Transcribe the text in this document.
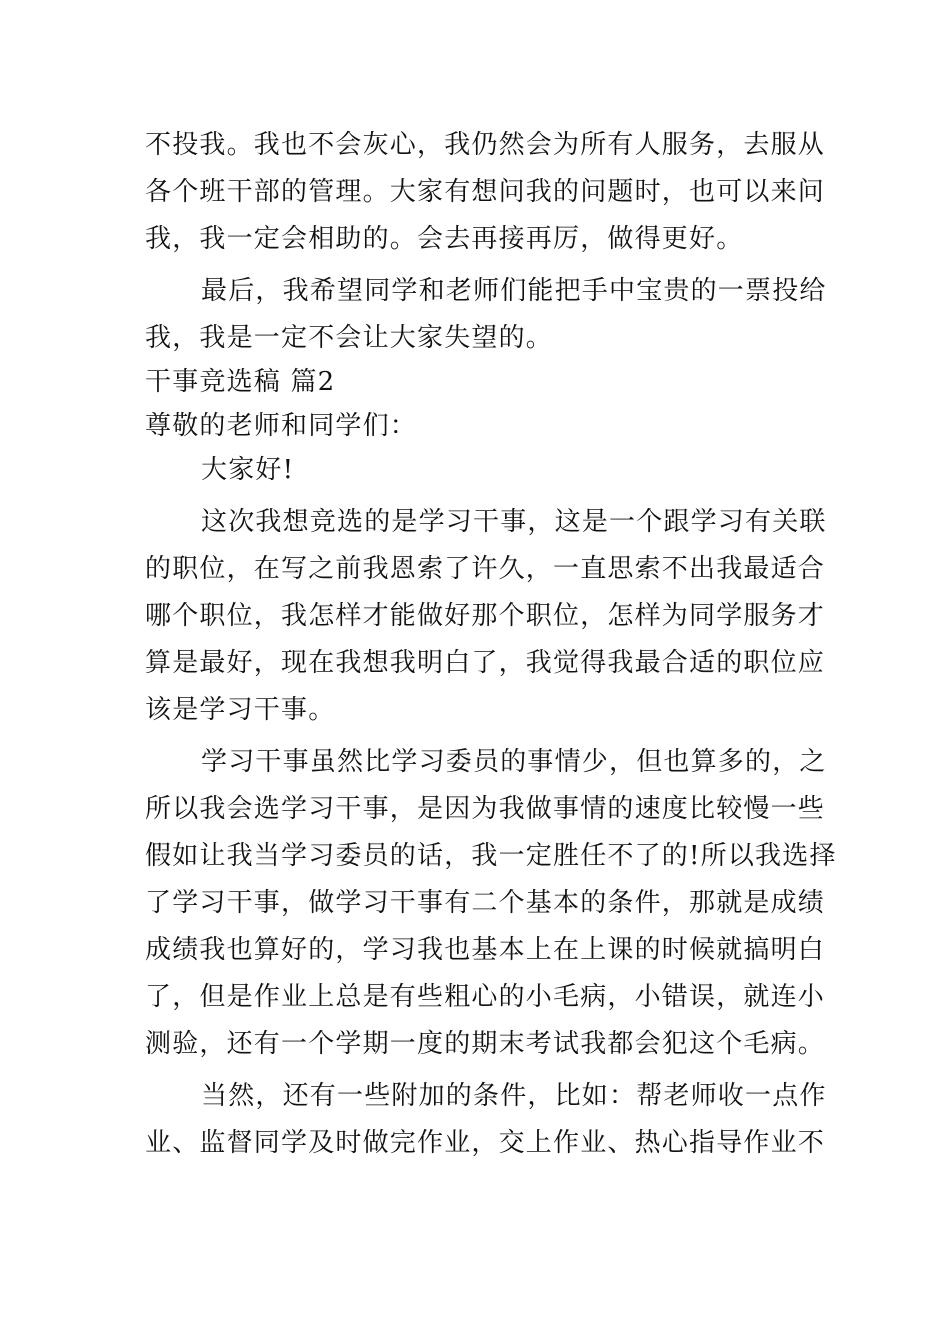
不投我。我也不会灰心，我仍然会为所有人服务，去服从
各个班干部的管理。大家有想问我的问题时，也可以来问
我，我一定会相助的。会去再接再厉，做得更好。
最后，我希望同学和老师们能把手中宝贵的一票投给
我，我是一定不会让大家失望的。
干事竞选稿 篇2
尊敬的老师和同学们：
大家好!
这次我想竞选的是学习干事，这是一个跟学习有关联
的职位，在写之前我恩索了许久，一直思索不出我最适合
哪个职位，我怎样才能做好那个职位，怎样为同学服务才
算是最好，现在我想我明白了，我觉得我最合适的职位应
该是学习干事。
学习干事虽然比学习委员的事情少，但也算多的，之
所以我会选学习干事，是因为我做事情的速度比较慢一些
假如让我当学习委员的话，我一定胜任不了的!所以我选择
了学习干事，做学习干事有二个基本的条件，那就是成绩
成绩我也算好的，学习我也基本上在上课的时候就搞明白
了，但是作业上总是有些粗心的小毛病，小错误，就连小
测验，还有一个学期一度的期末考试我都会犯这个毛病。
当然，还有一些附加的条件，比如：帮老师收一点作
业、监督同学及时做完作业，交上作业、热心指导作业不
